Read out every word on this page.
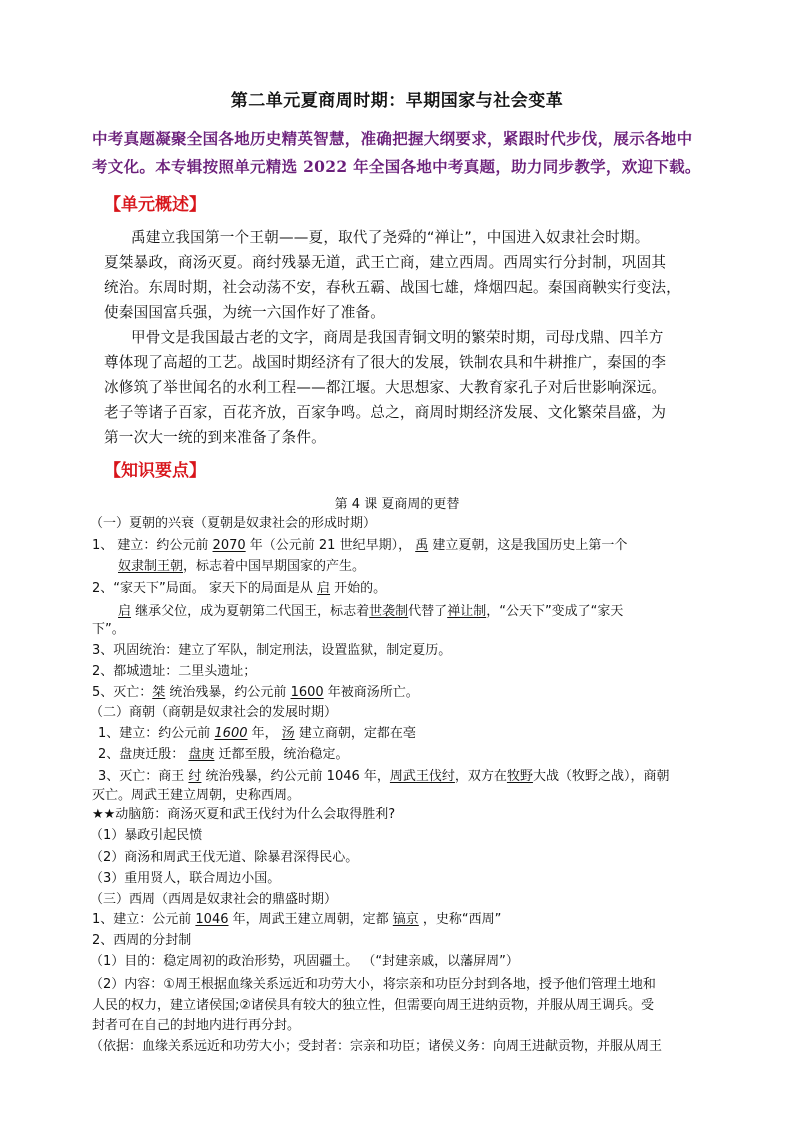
第二单元夏商周时期：早期国家与社会变革
中考真题凝聚全国各地历史精英智慧，准确把握大纲要求，紧跟时代步伐，展示各地中
考文化。本专辑按照单元精选 2022 年全国各地中考真题，助力同步教学，欢迎下载。
【单元概述】
禹建立我国第一个王朝——夏，取代了尧舜的“禅让”，中国进入奴隶社会时期。
夏桀暴政，商汤灭夏。商纣残暴无道，武王亡商，建立西周。西周实行分封制，巩固其
统治。东周时期，社会动荡不安，春秋五霸、战国七雄，烽烟四起。秦国商鞅实行变法，
使秦国国富兵强，为统一六国作好了准备。
甲骨文是我国最古老的文字，商周是我国青铜文明的繁荣时期，司母戊鼎、四羊方
尊体现了高超的工艺。战国时期经济有了很大的发展，铁制农具和牛耕推广，秦国的李
冰修筑了举世闻名的水利工程——都江堰。大思想家、大教育家孔子对后世影响深远。
老子等诸子百家，百花齐放，百家争鸣。总之，商周时期经济发展、文化繁荣昌盛，为
第一次大一统的到来准备了条件。
【知识要点】
第 4 课 夏商周的更替
（一）夏朝的兴衰（夏朝是奴隶社会的形成时期）
1、 建立：约公元前 2070 年（公元前 21 世纪早期）， 禹 建立夏朝，这是我国历史上第一个
奴隶制王朝，标志着中国早期国家的产生。
2、“家天下”局面。 家天下的局面是从 启 开始的。
启 继承父位，成为夏朝第二代国王，标志着世袭制代替了禅让制，“公天下”变成了“家天
下”。
3、巩固统治：建立了军队，制定刑法，设置监狱，制定夏历。
2、都城遗址：二里头遗址；
5、灭亡：桀 统治残暴，约公元前 1600 年被商汤所亡。
（二）商朝（商朝是奴隶社会的发展时期）
1、建立：约公元前 1600 年， 汤 建立商朝，定都在亳
2、盘庚迁殷： 盘庚 迁都至殷，统治稳定。
3、灭亡：商王 纣 统治残暴，约公元前 1046 年，周武王伐纣，双方在牧野大战（牧野之战），商朝
灭亡。周武王建立周朝，史称西周。
★★动脑筋：商汤灭夏和武王伐纣为什么会取得胜利?
（1）暴政引起民愤
（2）商汤和周武王伐无道、除暴君深得民心。
（3）重用贤人，联合周边小国。
（三）西周（西周是奴隶社会的鼎盛时期）
1、建立：公元前 1046 年，周武王建立周朝，定都 镐京 ，史称“西周”
2、西周的分封制
（1）目的：稳定周初的政治形势，巩固疆土。 （“封建亲戚，以藩屏周”）
（2）内容：①周王根据血缘关系远近和功劳大小，将宗亲和功臣分封到各地，授予他们管理土地和
人民的权力，建立诸侯国;②诸侯具有较大的独立性，但需要向周王进纳贡物，并服从周王调兵。受
封者可在自己的封地内进行再分封。
（依据：血缘关系远近和功劳大小；受封者：宗亲和功臣；诸侯义务：向周王进献贡物，并服从周王
